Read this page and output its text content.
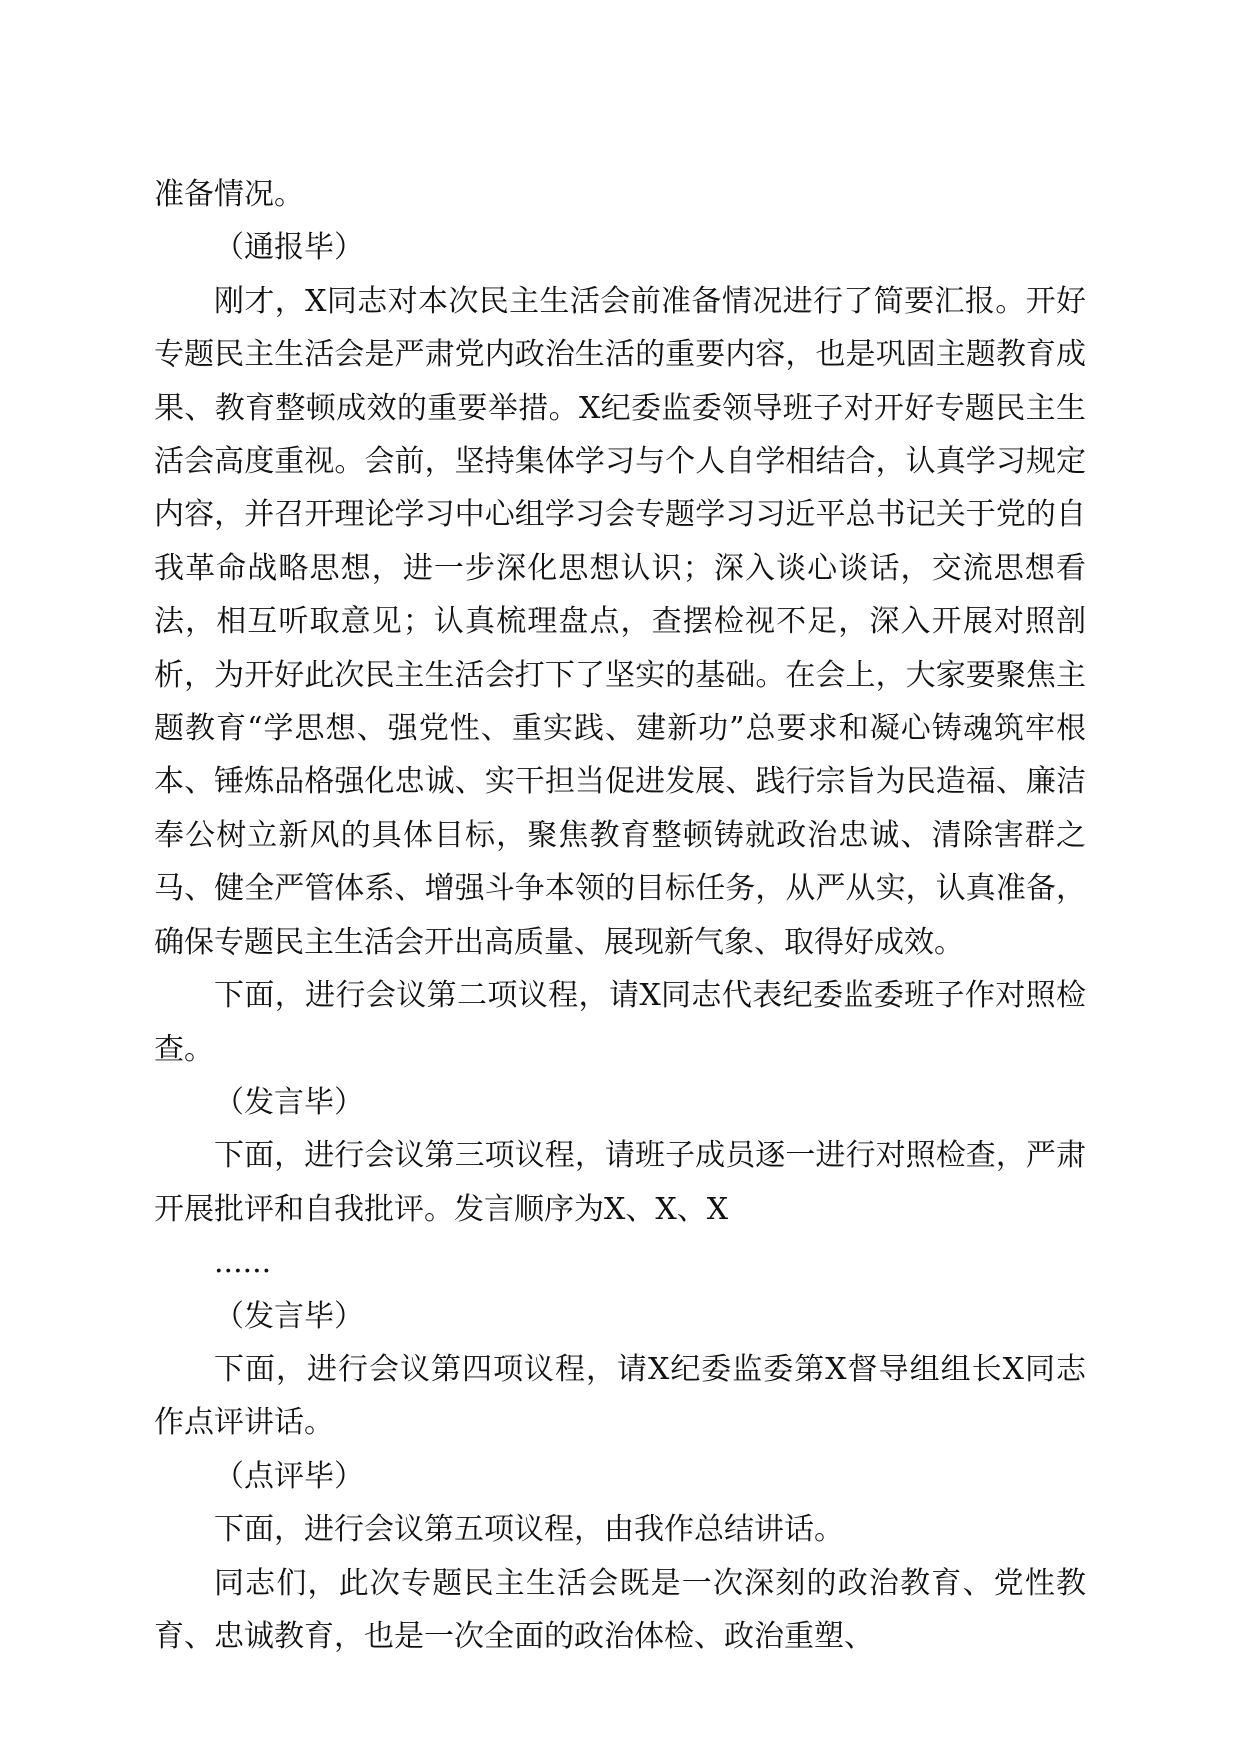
准备情况。

（通报毕）

刚才，X同志对本次民主生活会前准备情况进行了简要汇报。开好专题民主生活会是严肃党内政治生活的重要内容，也是巩固主题教育成果、教育整顿成效的重要举措。X纪委监委领导班子对开好专题民主生活会高度重视。会前，坚持集体学习与个人自学相结合，认真学习规定内容，并召开理论学习中心组学习会专题学习习近平总书记关于党的自我革命战略思想，进一步深化思想认识；深入谈心谈话，交流思想看法，相互听取意见；认真梳理盘点，查摆检视不足，深入开展对照剖析，为开好此次民主生活会打下了坚实的基础。在会上，大家要聚焦主题教育“学思想、强党性、重实践、建新功”总要求和凝心铸魂筑牢根本、锤炼品格强化忠诚、实干担当促进发展、践行宗旨为民造福、廉洁奉公树立新风的具体目标，聚焦教育整顿铸就政治忠诚、清除害群之马、健全严管体系、增强斗争本领的目标任务，从严从实，认真准备，确保专题民主生活会开出高质量、展现新气象、取得好成效。

下面，进行会议第二项议程，请X同志代表纪委监委班子作对照检查。

（发言毕）

下面，进行会议第三项议程，请班子成员逐一进行对照检查，严肃开展批评和自我批评。发言顺序为X、X、X

......

（发言毕）

下面，进行会议第四项议程，请X纪委监委第X督导组组长X同志作点评讲话。

（点评毕）

下面，进行会议第五项议程，由我作总结讲话。

同志们，此次专题民主生活会既是一次深刻的政治教育、党性教育、忠诚教育，也是一次全面的政治体检、政治重塑、
